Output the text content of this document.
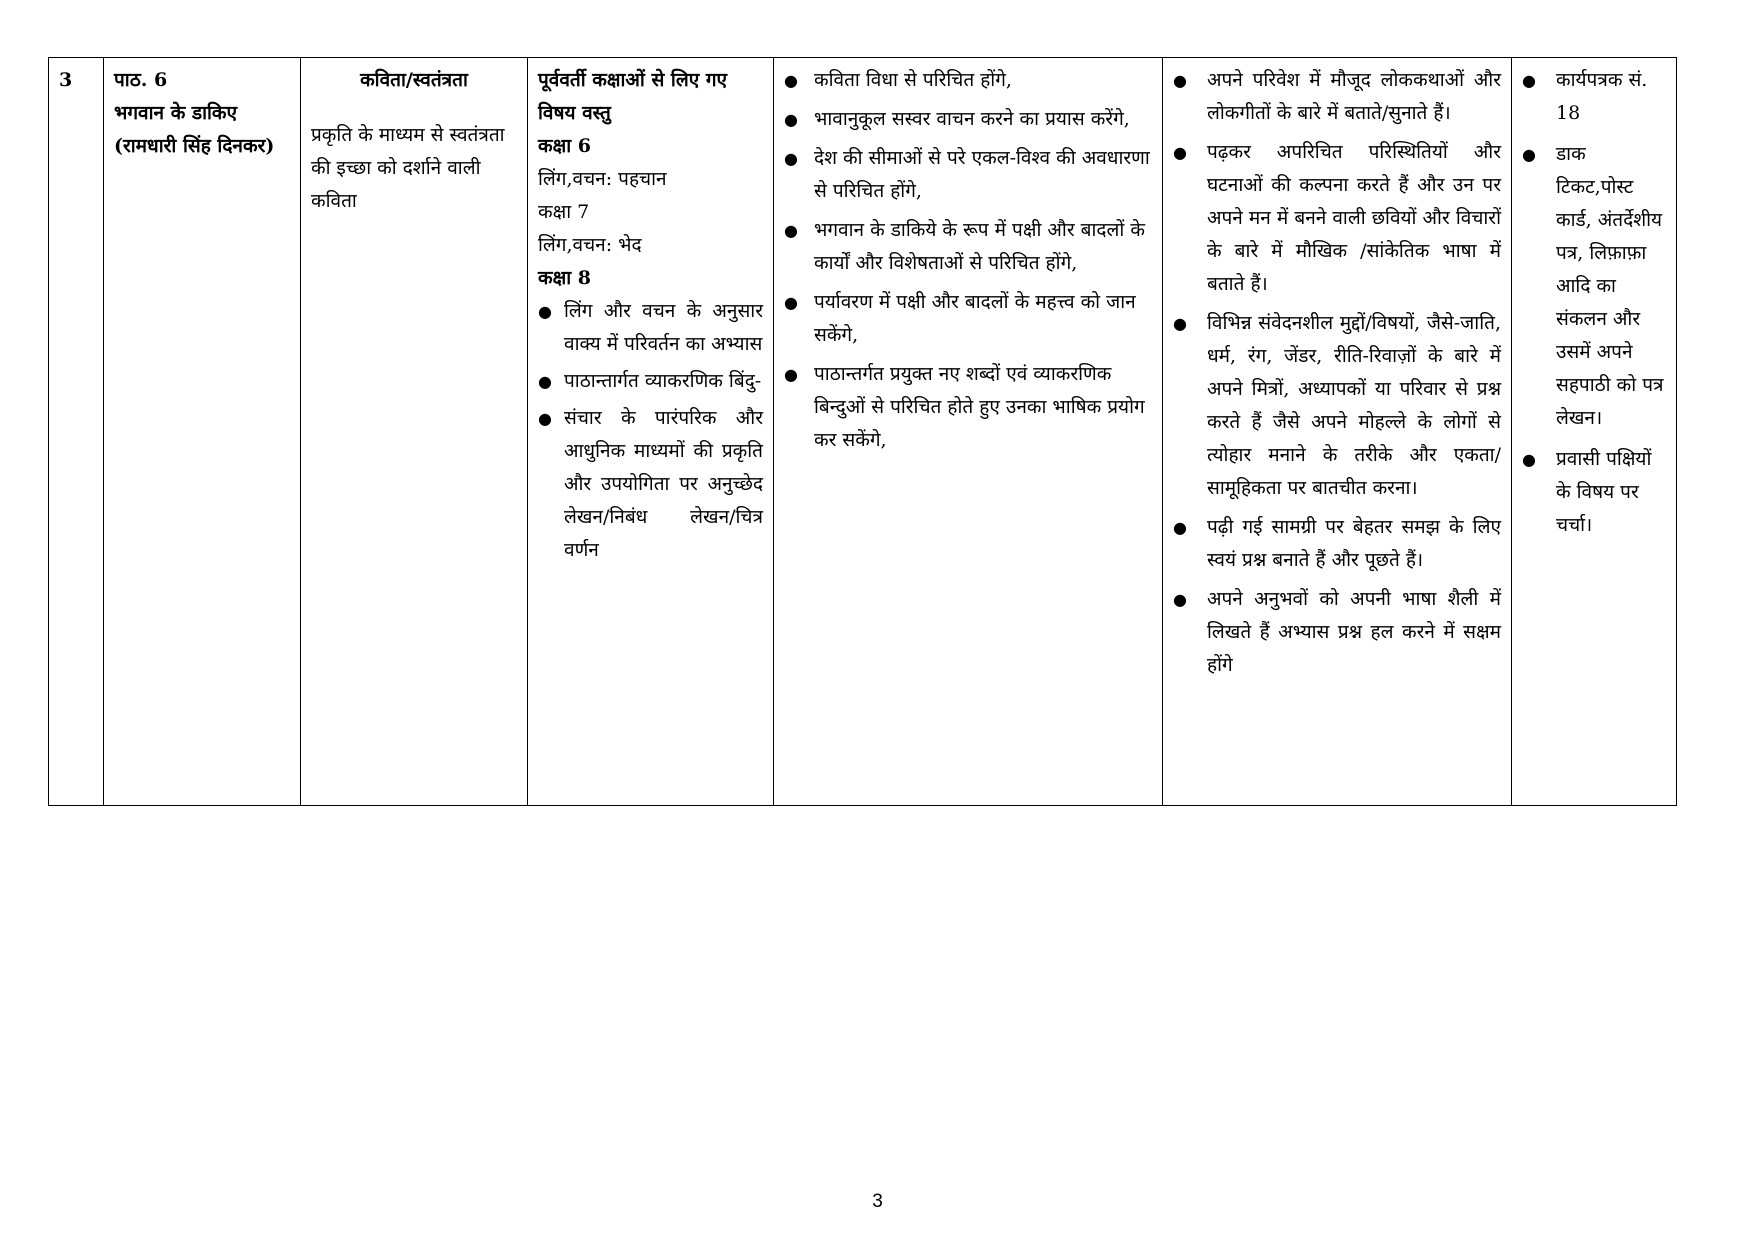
3	पाठ. 6
भगवान के डाकिए
(रामधारी सिंह दिनकर)

कविता/स्वतंत्रता
प्रकृति के माध्यम से स्वतंत्रता की इच्छा को दर्शाने वाली कविता

पूर्ववर्ती कक्षाओं से लिए गए विषय वस्तु
कक्षा 6
लिंग,वचन: पहचान
कक्षा 7
लिंग,वचन: भेद
कक्षा 8
● लिंग और वचन के अनुसार वाक्य में परिवर्तन का अभ्यास
● पाठान्तार्गत व्याकरणिक बिंदु-
● संचार के पारंपरिक और आधुनिक माध्यमों की प्रकृति और उपयोगिता पर अनुच्छेद लेखन/निबंध लेखन/चित्र वर्णन

● कविता विधा से परिचित होंगे,
● भावानुकूल सस्वर वाचन करने का प्रयास करेंगे,
● देश की सीमाओं से परे एकल-विश्व की अवधारणा से परिचित होंगे,
● भगवान के डाकिये के रूप में पक्षी और बादलों के कार्यों और विशेषताओं से परिचित होंगे,
● पर्यावरण में पक्षी और बादलों के महत्त्व को जान सकेंगे,
● पाठान्तर्गत प्रयुक्त नए शब्दों एवं व्याकरणिक बिन्दुओं से परिचित होते हुए उनका भाषिक प्रयोग कर सकेंगे,

● अपने परिवेश में मौजूद लोककथाओं और लोकगीतों के बारे में बताते/सुनाते हैं।
● पढ़कर अपरिचित परिस्थितियों और घटनाओं की कल्पना करते हैं और उन पर अपने मन में बनने वाली छवियों और विचारों के बारे में मौखिक /सांकेतिक भाषा में बताते हैं।
● विभिन्न संवेदनशील मुद्दों/विषयों, जैसे-जाति, धर्म, रंग, जेंडर, रीति-रिवाज़ों के बारे में अपने मित्रों, अध्यापकों या परिवार से प्रश्न करते हैं जैसे अपने मोहल्ले के लोगों से त्योहार मनाने के तरीके और एकता/सामूहिकता पर बातचीत करना।
● पढ़ी गई सामग्री पर बेहतर समझ के लिए स्वयं प्रश्न बनाते हैं और पूछते हैं।
● अपने अनुभवों को अपनी भाषा शैली में लिखते हैं अभ्यास प्रश्न हल करने में सक्षम होंगे

● कार्यपत्रक सं. 18
● डाक टिकट,पोस्ट कार्ड, अंतर्देशीय पत्र, लिफ़ाफ़ा आदि का संकलन और उसमें अपने सहपाठी को पत्र लेखन।
● प्रवासी पक्षियों के विषय पर चर्चा।
3
